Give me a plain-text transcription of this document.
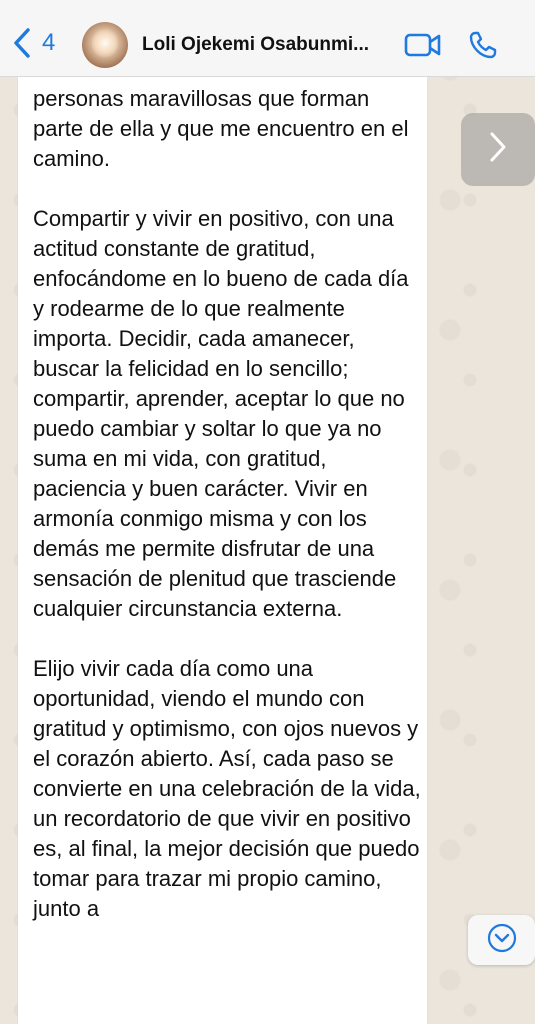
personas maravillosas que forman parte de ella y que me encuentro en el camino.

Compartir y vivir en positivo, con una actitud constante de gratitud, enfocándome en lo bueno de cada día y rodearme de lo que realmente importa. Decidir, cada amanecer, buscar la felicidad en lo sencillo; compartir, aprender, aceptar lo que no puedo cambiar y soltar lo que ya no suma en mi vida, con gratitud, paciencia y buen carácter. Vivir en armonía conmigo misma y con los demás me permite disfrutar de una sensación de plenitud que trasciende cualquier circunstancia externa.

Elijo vivir cada día como una oportunidad, viendo el mundo con gratitud y optimismo, con ojos nuevos y el corazón abierto. Así, cada paso se convierte en una celebración de la vida, un recordatorio de que vivir en positivo es, al final, la mejor decisión que puedo tomar para trazar mi propio camino, junto a

4	Loli Ojekemi Osabunmi...
